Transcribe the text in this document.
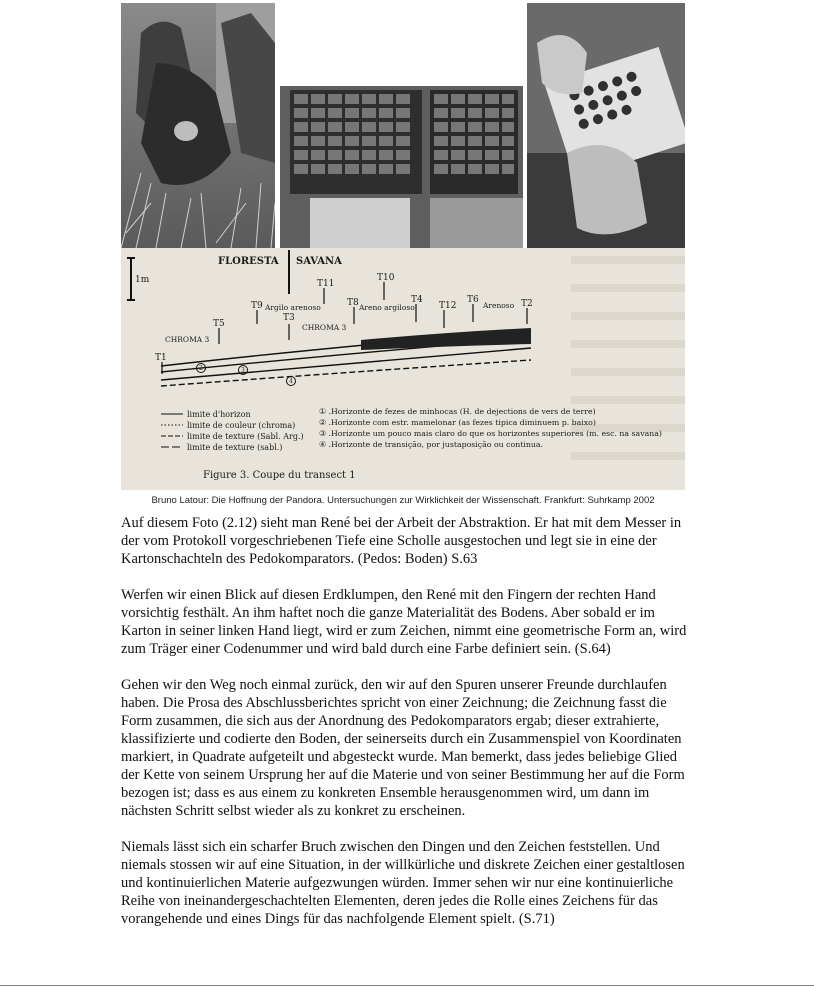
1m
FLORESTA SAVANA
T1
T5
T9
T3
T11
T8
T10
T4
T12
T6	T2
Argilo arenoso	Areno argiloso	Arenoso
CHROMA 3
CHROMA 3
2	3
4
limite d'horizon
limite de couleur (chroma)
limite de texture (Sabl. Arg.)
limite de texture (sabl.)
① .Horizonte de fezes de minhocas (H. de dejections de vers de terre)
② .Horizonte com estr. mamelonar (as fezes tipica diminuem p. baixo)
③ .Horizonte um pouco mais claro do que os horizontes superiores (m. esc. na savana)
④ .Horizonte de transição, por justaposição ou continua.
Figure 3. Coupe du transect 1
Bruno Latour: Die Hoffnung der Pandora. Untersuchungen zur Wirklichkeit der Wissenschaft. Frankfurt: Suhrkamp 2002

Auf diesem Foto (2.12) sieht man René bei der Arbeit der Abstraktion. Er hat mit dem Messer in der vom Protokoll vorgeschriebenen Tiefe eine Scholle ausgestochen und legt sie in eine der Kartonschachteln des Pedokomparators. (Pedos: Boden) S.63

Werfen wir einen Blick auf diesen Erdklumpen, den René mit den Fingern der rechten Hand vorsichtig festhält. An ihm haftet noch die ganze Materialität des Bodens. Aber sobald er im Karton in seiner linken Hand liegt, wird er zum Zeichen, nimmt eine geometrische Form an, wird zum Träger einer Codenummer und wird bald durch eine Farbe definiert sein. (S.64)

Gehen wir den Weg noch einmal zurück, den wir auf den Spuren unserer Freunde durchlaufen haben. Die Prosa des Abschlussberichtes spricht von einer Zeichnung; die Zeichnung fasst die Form zusammen, die sich aus der Anordnung des Pedokomparators ergab; dieser extrahierte, klassifizierte und codierte den Boden, der seinerseits durch ein Zusammenspiel von Koordinaten markiert, in Quadrate aufgeteilt und abgesteckt wurde. Man bemerkt, dass jedes beliebige Glied der Kette von seinem Ursprung her auf die Materie und von seiner Bestimmung her auf die Form bezogen ist; dass es aus einem zu konkreten Ensemble herausgenommen wird, um dann im nächsten Schritt selbst wieder als zu konkret zu erscheinen.

Niemals lässt sich ein scharfer Bruch zwischen den Dingen und den Zeichen feststellen. Und niemals stossen wir auf eine Situation, in der willkürliche und diskrete Zeichen einer gestaltlosen und kontinuierlichen Materie aufgezwungen würden. Immer sehen wir nur eine kontinuierliche Reihe von ineinandergeschachtelten Elementen, deren jedes die Rolle eines Zeichens für das vorangehende und eines Dings für das nachfolgende Element spielt. (S.71)
